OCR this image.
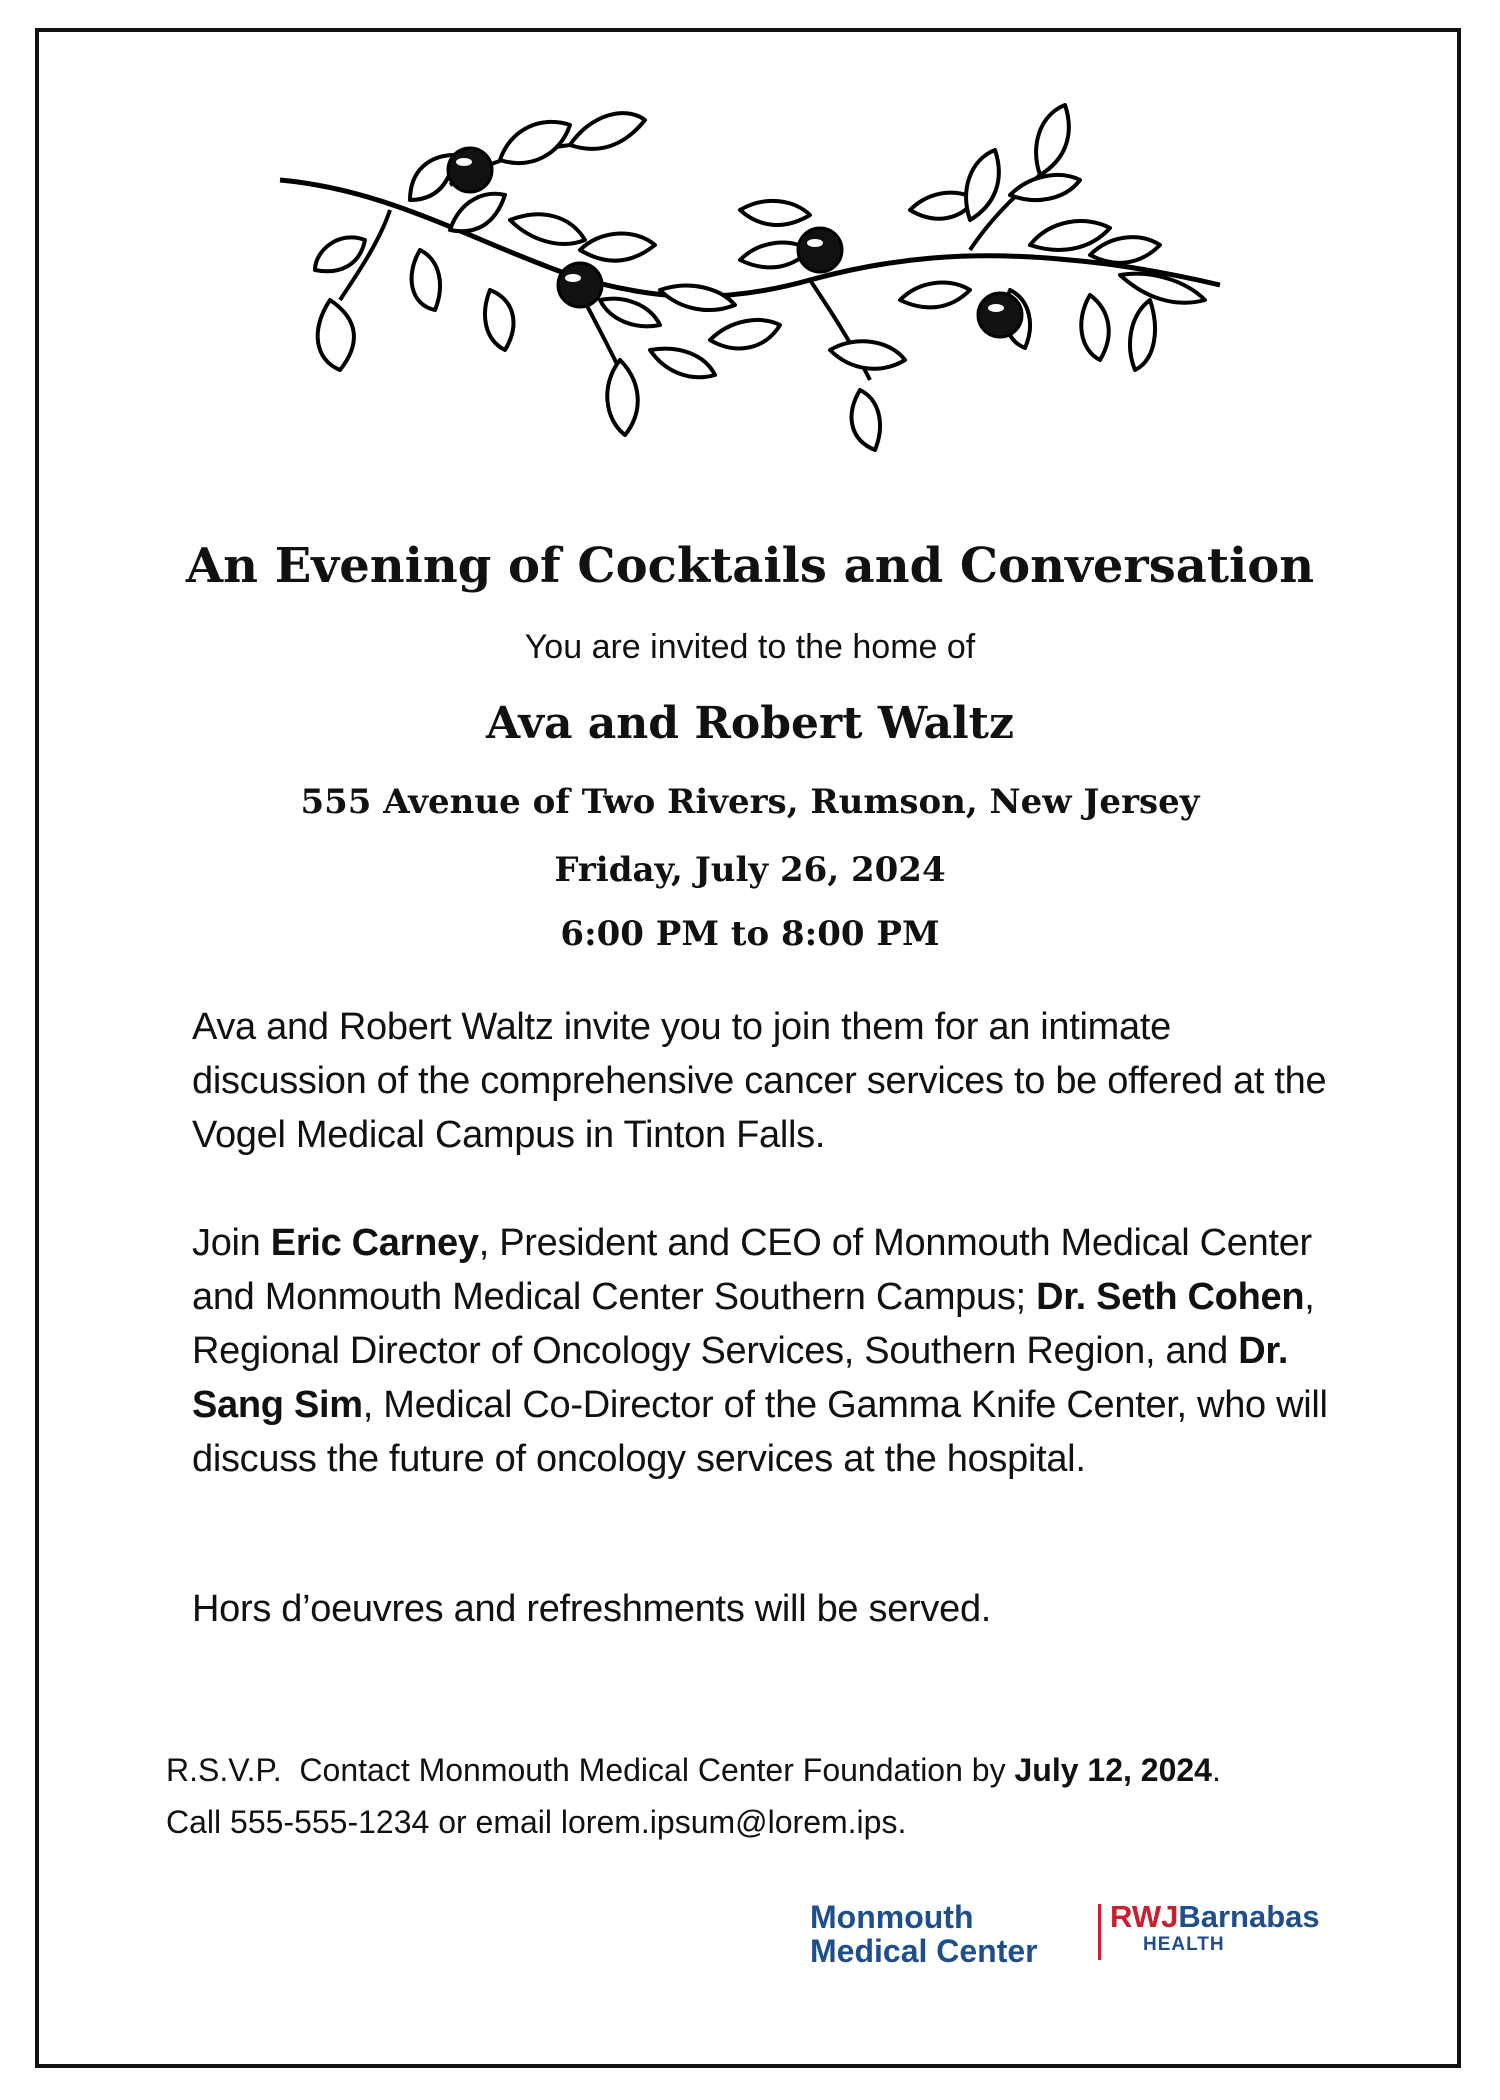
An Evening of Cocktails and Conversation
You are invited to the home of
Ava and Robert Waltz
555 Avenue of Two Rivers, Rumson, New Jersey
Friday, July 26, 2024
6:00 PM to 8:00 PM
Ava and Robert Waltz invite you to join them for an intimate discussion of the comprehensive cancer services to be offered at the Vogel Medical Campus in Tinton Falls.
Join Eric Carney, President and CEO of Monmouth Medical Center and Monmouth Medical Center Southern Campus; Dr. Seth Cohen, Regional Director of Oncology Services, Southern Region, and Dr. Sang Sim, Medical Co-Director of the Gamma Knife Center, who will discuss the future of oncology services at the hospital.
Hors d’oeuvres and refreshments will be served.
R.S.V.P.  Contact Monmouth Medical Center Foundation by July 12, 2024.
Call 555-555-1234 or email lorem.ipsum@lorem.ips.
Monmouth
Medical Center
RWJBarnabas
HEALTH
